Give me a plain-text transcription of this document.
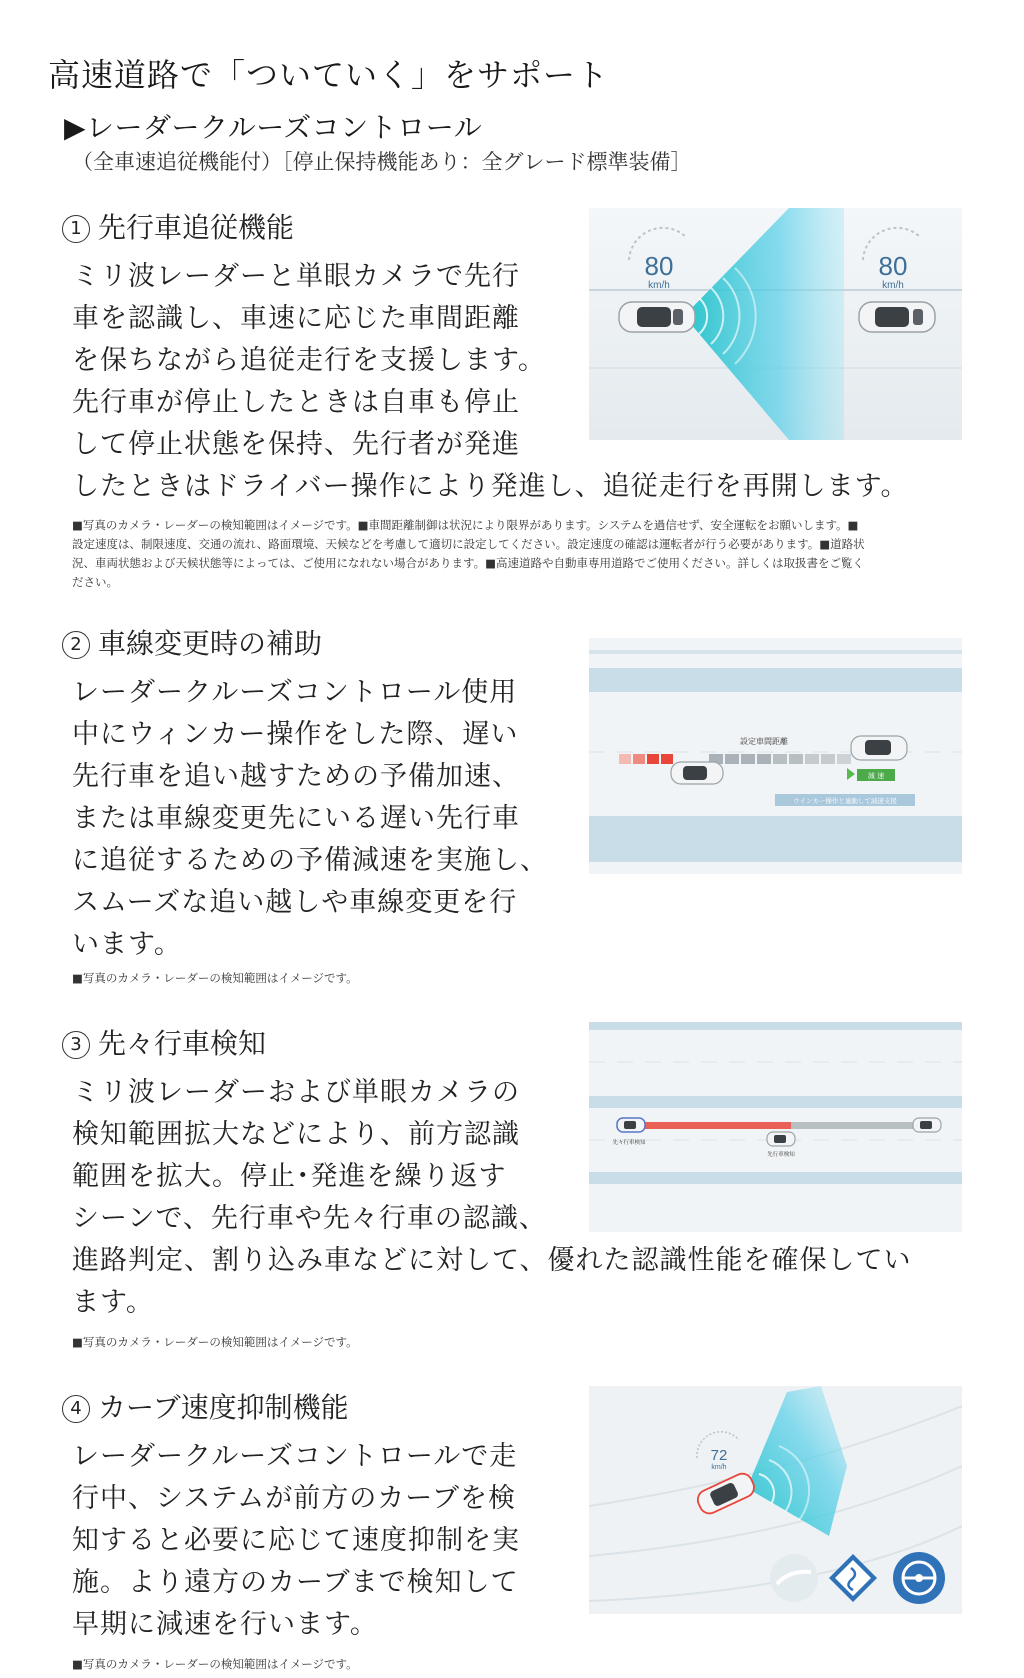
高速道路で「ついていく」をサポート
▶レーダークルーズコントロール
（全車速追従機能付）［停止保持機能あり：全グレード標準装備］
1 先行車追従機能
ミリ波レーダーと単眼カメラで先行
車を認識し、車速に応じた車間距離
を保ちながら追従走行を支援します。
先行車が停止したときは自車も停止
して停止状態を保持、先行者が発進
したときはドライバー操作により発進し、追従走行を再開します。
■写真のカメラ・レーダーの検知範囲はイメージです。■車間距離制御は状況により限界があります。システムを過信せず、安全運転をお願いします。■
設定速度は、制限速度、交通の流れ、路面環境、天候などを考慮して適切に設定してください。設定速度の確認は運転者が行う必要があります。■道路状
況、車両状態および天候状態等によっては、ご使用になれない場合があります。■高速道路や自動車専用道路でご使用ください。詳しくは取扱書をご覧く
ださい。
80
km/h
80
km/h
2 車線変更時の補助
レーダークルーズコントロール使用
中にウィンカー操作をした際、遅い
先行車を追い越すための予備加速、
または車線変更先にいる遅い先行車
に追従するための予備減速を実施し、
スムーズな追い越しや車線変更を行
います。
■写真のカメラ・レーダーの検知範囲はイメージです。
設定車間距離
減 速
ウインカー操作と連動して減速支援
3 先々行車検知
ミリ波レーダーおよび単眼カメラの
検知範囲拡大などにより、前方認識
範囲を拡大。停止･発進を繰り返す
シーンで、先行車や先々行車の認識、
進路判定、割り込み車などに対して、優れた認識性能を確保してい
ます。
■写真のカメラ・レーダーの検知範囲はイメージです。
先々行車検知
先行車検知
4 カーブ速度抑制機能
レーダークルーズコントロールで走
行中、システムが前方のカーブを検
知すると必要に応じて速度抑制を実
施。より遠方のカーブまで検知して
早期に減速を行います。
■写真のカメラ・レーダーの検知範囲はイメージです。
72
km/h
